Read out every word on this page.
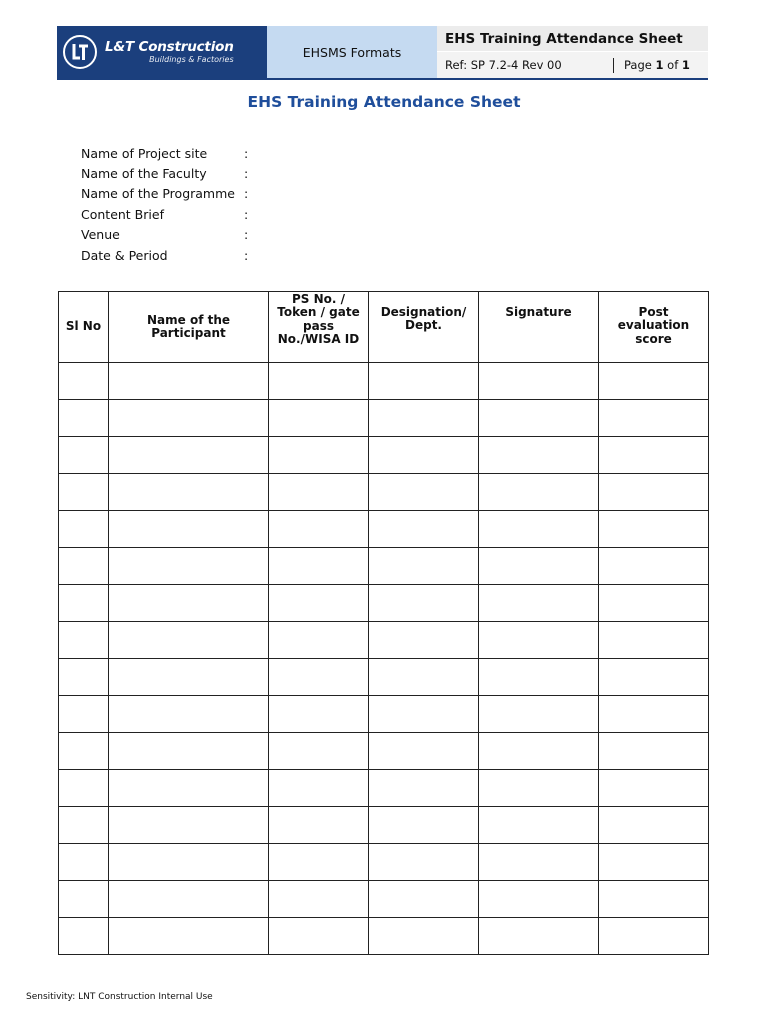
L&T Construction
Buildings & Factories	EHSMS Formats
EHS Training Attendance Sheet
Ref: SP 7.2-4 Rev 00	Page 1 of 1
EHS Training Attendance Sheet
Name of Project site	:
Name of the Faculty	:
Name of the Programme :
Content Brief	:
Venue	:
Date & Period	:
Sl No	Name of the Participant	PS No. / Token / gate pass No./WISA ID	Designation/ Dept.	Signature	Post evaluation score

Sensitivity: LNT Construction Internal Use
